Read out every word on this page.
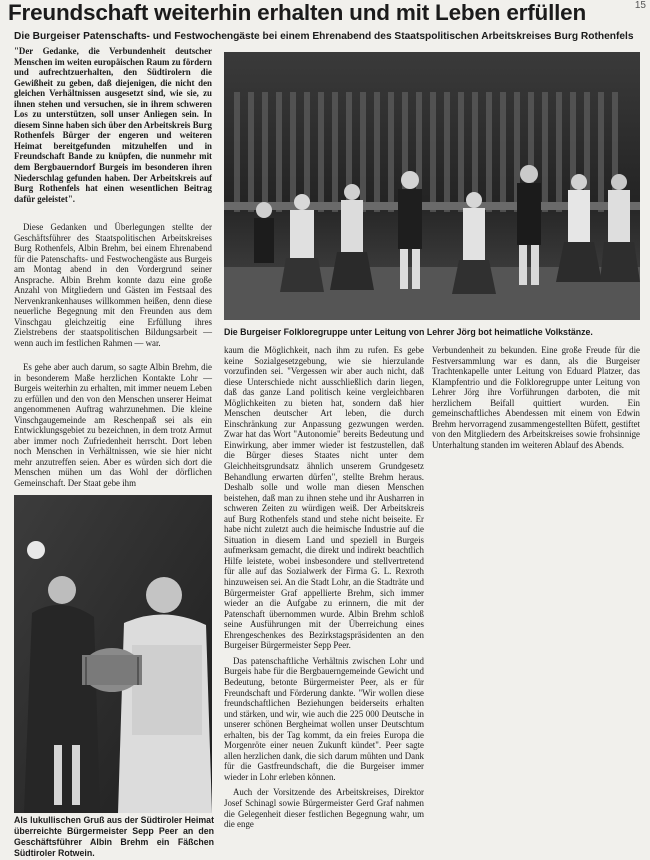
Freundschaft weiterhin erhalten und mit Leben erfüllen	15
Die Burgeiser Patenschafts- und Festwochengäste bei einem Ehrenabend des Staatspolitischen Arbeitskreises Burg Rothenfels

"Der Gedanke, die Verbundenheit deutscher Menschen im weiten europäischen Raum zu fördern und aufrechtzuerhalten, den Südtirolern die Gewißheit zu geben, daß diejenigen, die nicht den gleichen Verhältnissen ausgesetzt sind, wie sie, zu ihnen stehen und versuchen, sie in ihrem schweren Los zu unterstützen, soll unser Anliegen sein. In diesem Sinne haben sich über den Arbeitskreis Burg Rothenfels Bürger der engeren und weiteren Heimat bereitgefunden mitzuhelfen und in Freundschaft Bande zu knüpfen, die nunmehr mit dem Bergbauerndorf Burgeis im besonderen ihren Niederschlag gefunden haben. Der Arbeitskreis auf Burg Rothenfels hat einen wesentlichen Beitrag dafür geleistet".

Diese Gedanken und Überlegungen stellte der Geschäftsführer des Staatspolitischen Arbeitskreises Burg Rothenfels, Albin Brehm, bei einem Ehrenabend für die Patenschafts- und Festwochengäste aus Burgeis am Montag abend in den Vordergrund seiner Ansprache. Albin Brehm konnte dazu eine große Anzahl von Mitgliedern und Gästen im Festsaal des Nervenkrankenhauses willkommen heißen, denn diese neuerliche Begegnung mit den Freunden aus dem Vinschgau gleichzeitig eine Erfüllung ihres Zielstrebens der staatspolitischen Bildungsarbeit — wenn auch im festlichen Rahmen — war.

Es gehe aber auch darum, so sagte Albin Brehm, die in besonderem Maße herzlichen Kontakte Lohr — Burgeis weiterhin zu erhalten, mit immer neuem Leben zu erfüllen und den von den Menschen unserer Heimat angenommenen Auftrag wahrzunehmen. Die kleine Vinschgaugemeinde am Reschenpaß sei als ein Entwicklungsgebiet zu bezeichnen, in dem trotz Armut aber immer noch Zufriedenheit herrscht. Dort leben noch Menschen in Verhältnissen, wie sie hier nicht mehr anzutreffen seien. Aber es würden sich dort die Menschen mühen um das Wohl der dörflichen Gemeinschaft. Der Staat gebe ihm

Die Burgeiser Folkloregruppe unter Leitung von Lehrer Jörg bot heimatliche Volkstänze.

kaum die Möglichkeit, nach ihm zu rufen. Es gebe keine Sozialgesetzgebung, wie sie hierzulande vorzufinden sei. "Vergessen wir aber auch nicht, daß diese Unterschiede nicht ausschließlich darin liegen, daß das ganze Land politisch keine vergleichbaren Möglichkeiten zu bieten hat, sondern daß hier Menschen deutscher Art leben, die durch Einschränkung zur Anpassung gezwungen werden. Zwar hat das Wort "Autonomie" bereits Bedeutung und Einwirkung, aber immer wieder ist festzustellen, daß die Bürger dieses Staates nicht unter dem Gleichheitsgrundsatz ähnlich unserem Grundgesetz Behandlung erwarten dürfen", stellte Brehm heraus. Deshalb solle und wolle man diesen Menschen beistehen, daß man zu ihnen stehe und ihr Ausharren in schweren Zeiten zu würdigen weiß. Der Arbeitskreis auf Burg Rothenfels stand und stehe nicht beiseite. Er habe nicht zuletzt auch die heimische Industrie auf die Situation in diesem Land und speziell in Burgeis aufmerksam gemacht, die direkt und indirekt beachtlich Hilfe leistete, wobei insbesondere und stellvertretend für alle auf das Sozialwerk der Firma G. L. Rexroth hinzuweisen sei. An die Stadt Lohr, an die Stadträte und Bürgermeister Graf appellierte Brehm, sich immer wieder an die Aufgabe zu erinnern, die mit der Patenschaft übernommen wurde. Albin Brehm schloß seine Ausführungen mit der Überreichung eines Ehrengeschenkes des Bezirkstagspräsidenten an den Burgeiser Bürgermeister Sepp Peer.

Das patenschaftliche Verhältnis zwischen Lohr und Burgeis habe für die Bergbauerngemeinde Gewicht und Bedeutung, betonte Bürgermeister Peer, als er für Freundschaft und Förderung dankte. "Wir wollen diese freundschaftlichen Beziehungen beiderseits erhalten und stärken, und wir, wie auch die 225 000 Deutsche in unserer schönen Bergheimat wollen unser Deutschtum erhalten, bis der Tag kommt, da ein freies Europa die Morgenröte einer neuen Zukunft kündet". Peer sagte allen herzlichen dank, die sich darum mühten und Dank für die Gastfreundschaft, die die Burgeiser immer wieder in Lohr erleben können.

Auch der Vorsitzende des Arbeitskreises, Direktor Josef Schinagl sowie Bürgermeister Gerd Graf nahmen die Gelegenheit dieser festlichen Begegnung wahr, um die enge

Verbundenheit zu bekunden. Eine große Freude für die Festversammlung war es dann, als die Burgeiser Trachtenkapelle unter Leitung von Eduard Platzer, das Klampfentrio und die Folkloregruppe unter Leitung von Lehrer Jörg ihre Vorführungen darboten, die mit herzlichem Beifall quittiert wurden. Ein gemeinschaftliches Abendessen mit einem von Edwin Brehm hervorragend zusammengestellten Büfett, gestiftet von den Mitgliedern des Arbeitskreises sowie frohsinnige Unterhaltung standen im weiteren Ablauf des Abends.

Als lukullischen Gruß aus der Südtiroler Heimat überreichte Bürgermeister Sepp Peer an den Geschäftsführer Albin Brehm ein Fäßchen Südtiroler Rotwein.
